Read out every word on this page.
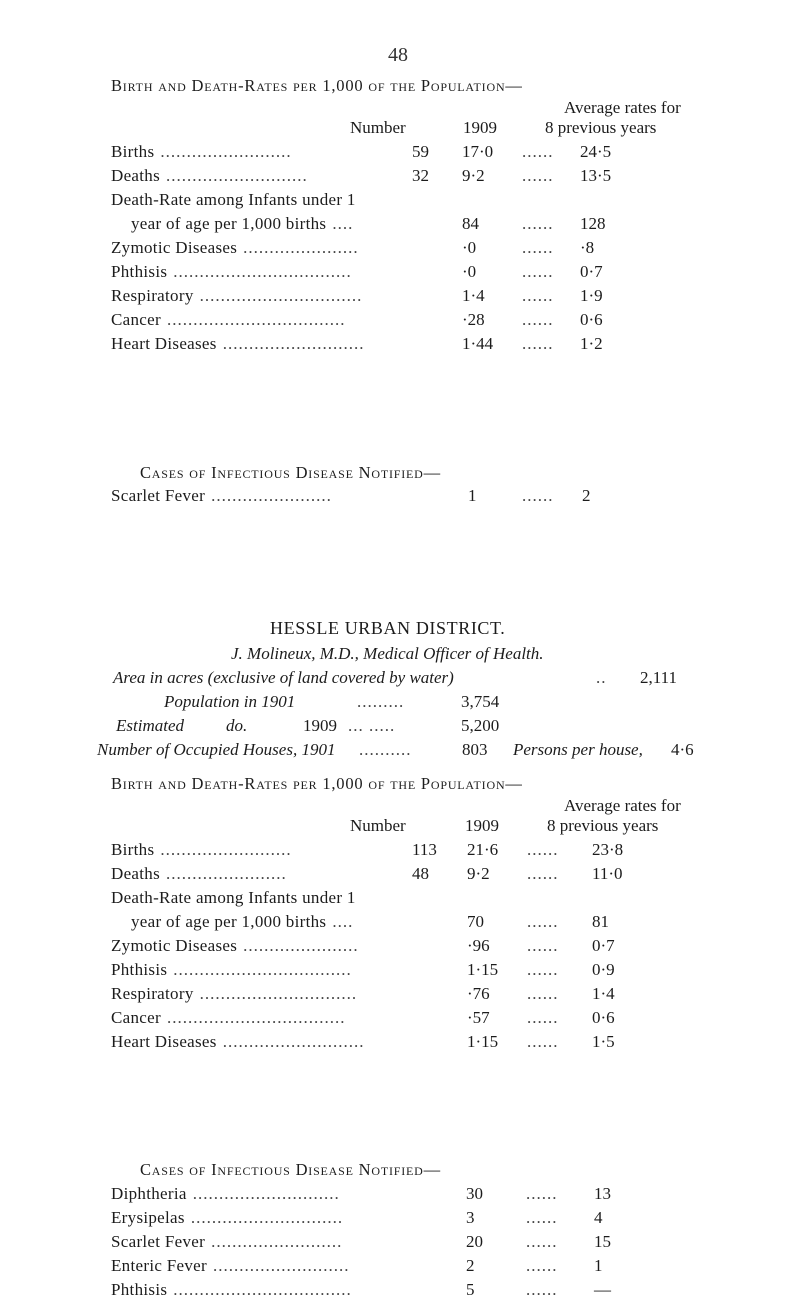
48
Birth and Death-Rates per 1,000 of the Population—
Average rates for
Number	1909	8 previous years
Births .........................	59 17·0 ...... 24·5
Deaths ...........................	32 9·2 ...... 13·5
Death-Rate among Infants under 1
year of age per 1,000 births ....	84	...... 128
Zymotic Diseases ......................	·0	...... ·8
Phthisis ..................................	·0	...... 0·7
Respiratory ...............................	1·4 ...... 1·9
Cancer ..................................	·28 ...... 0·6
Heart Diseases ...........................	1·44 ...... 1·2
Cases of Infectious Disease Notified—
Scarlet Fever .......................	1	...... 2
HESSLE URBAN DISTRICT.
J. Molineux, M.D., Medical Officer of Health.
Area in acres (exclusive of land covered by water)	.. 2,111
Population in 1901	.........	3,754
Estimated do.	1909 ... .....	5,200
Number of Occupied Houses, 1901 ..........	803 Persons per house, 4·6
Birth and Death-Rates per 1,000 of the Population—
Average rates for
Number	1909	8 previous years
Births .........................	113 21·6 ...... 23·8
Deaths .......................	48 9·2 ...... 11·0
Death-Rate among Infants under 1
year of age per 1,000 births ....	70	...... 81
Zymotic Diseases ......................	·96 ...... 0·7
Phthisis ..................................	1·15 ...... 0·9
Respiratory ..............................	·76 ...... 1·4
Cancer ..................................	·57 ...... 0·6
Heart Diseases ...........................	1·15 ...... 1·5
Cases of Infectious Disease Notified—
Diphtheria ............................	30	...... 13
Erysipelas .............................	3	...... 4
Scarlet Fever .........................	20	...... 15
Enteric Fever ..........................	2	...... 1
Phthisis ..................................	5	...... —
